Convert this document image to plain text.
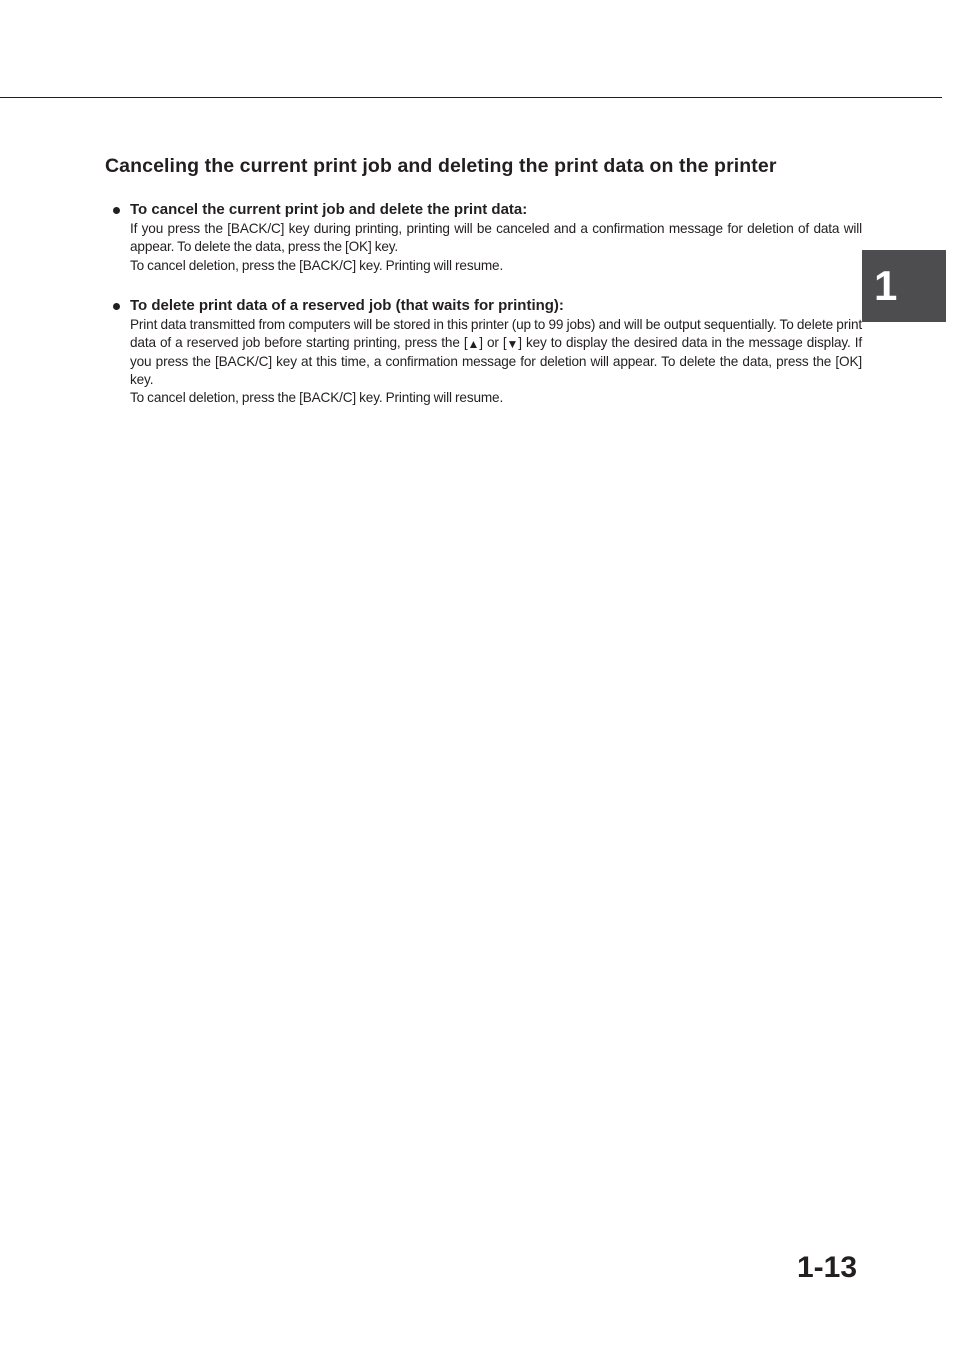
Canceling the current print job and deleting the print data on the printer

To cancel the current print job and delete the print data:

If you press the [BACK/C] key during printing, printing will be canceled and a confirmation message for deletion of data will appear. To delete the data, press the [OK] key.

To cancel deletion, press the [BACK/C] key. Printing will resume.

To delete print data of a reserved job (that waits for printing):

Print data transmitted from computers will be stored in this printer (up to 99 jobs) and will be output sequentially. To delete print data of a reserved job before starting printing, press the [▲] or [▼] key to display the desired data in the message display. If you press the [BACK/C] key at this time, a confirmation message for deletion will appear. To delete the data, press the [OK] key.

To cancel deletion, press the [BACK/C] key. Printing will resume.

1
1-13
